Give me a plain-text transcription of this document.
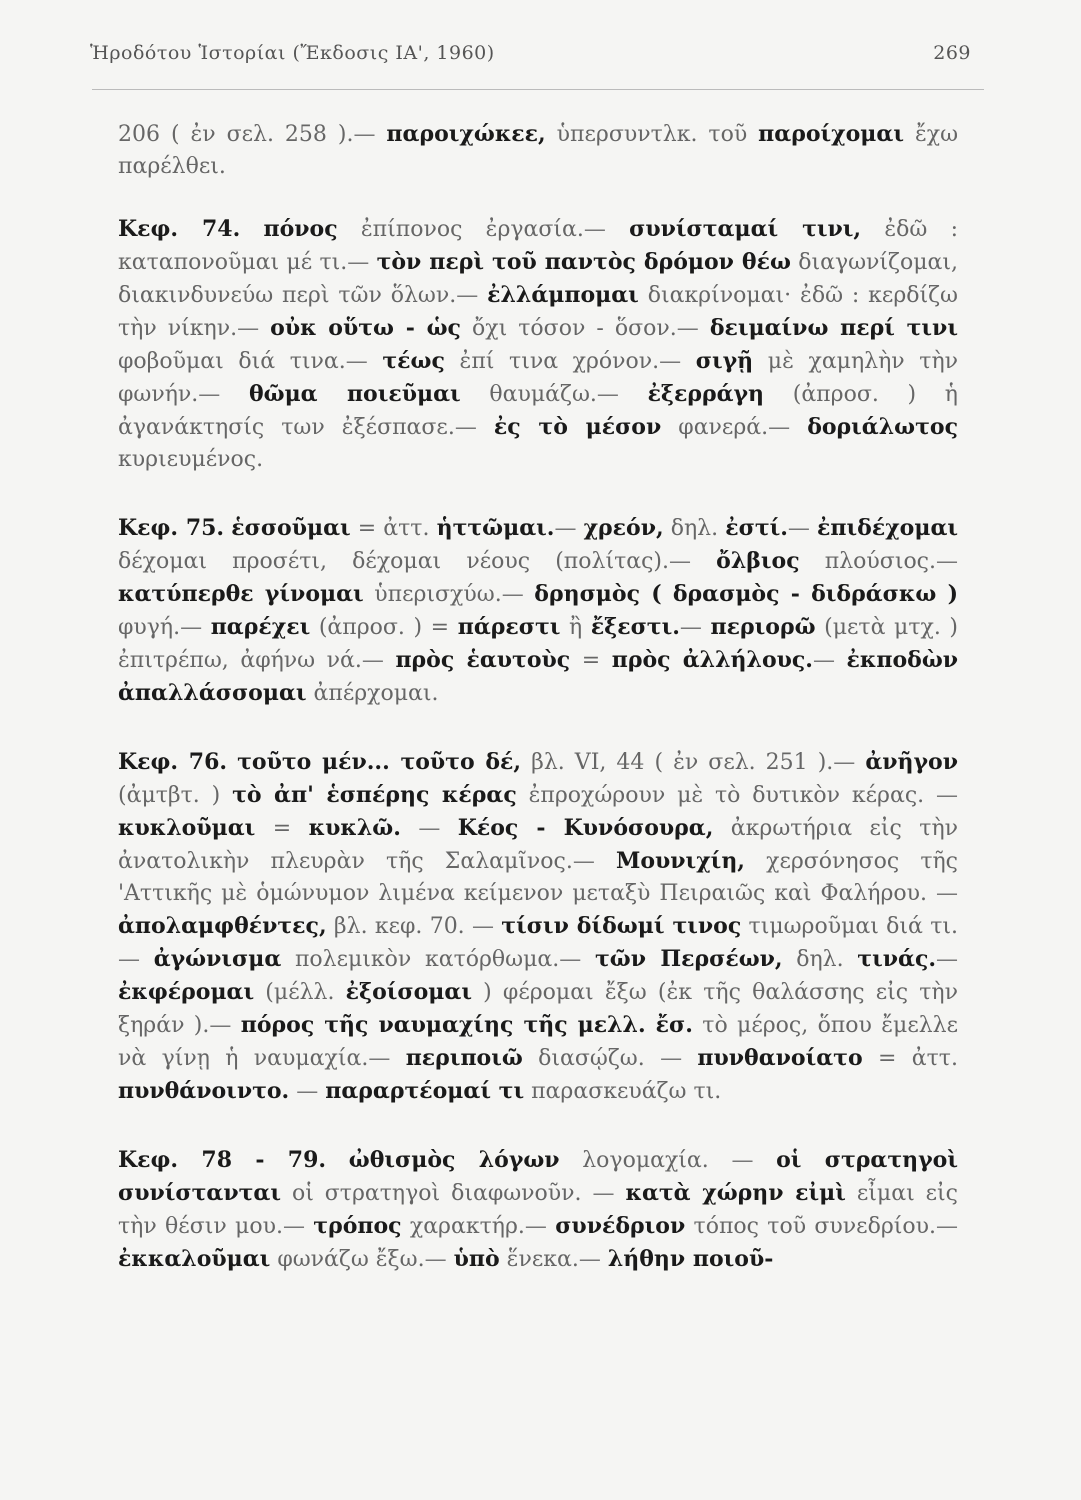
Ἡροδότου Ἱστορίαι (Ἔκδοσις ΙΑ', 1960)	269

206 ( ἐν σελ. 258 ).— παροιχώκεε, ὑπερσυντλκ. τοῦ παροίχομαι ἔχω παρέλθει.

Κεφ. 74. πόνος ἐπίπονος ἐργασία.— συνίσταμαί τινι, ἐδῶ : καταπονοῦμαι μέ τι.— τὸν περὶ τοῦ παντὸς δρόμον θέω διαγωνίζομαι, διακινδυνεύω περὶ τῶν ὅλων.— ἐλλάμπομαι διακρίνομαι· ἐδῶ : κερδίζω τὴν νίκην.— οὐκ οὕτω - ὡς ὄχι τόσον - ὅσον.— δειμαίνω περί τινι φοβοῦμαι διά τινα.— τέως ἐπί τινα χρόνον.— σιγῇ μὲ χαμηλὴν τὴν φωνήν.— θῶμα ποιεῦμαι θαυμάζω.— ἐξερράγη (ἀπροσ. ) ἡ ἀγανάκτησίς των ἐξέσπασε.— ἐς τὸ μέσον φανερά.— δοριάλωτος κυριευμένος.

Κεφ. 75. ἑσσοῦμαι = ἀττ. ἡττῶμαι.— χρεόν, δηλ. ἐστί.— ἐπιδέχομαι δέχομαι προσέτι, δέχομαι νέους (πολίτας).— ὄλβιος πλούσιος.— κατύπερθε γίνομαι ὑπερισχύω.— δρησμὸς ( δρασμὸς - διδράσκω ) φυγή.— παρέχει (ἀπροσ. ) = πάρεστι ἢ ἔξεστι.— περιορῶ (μετὰ μτχ. ) ἐπιτρέπω, ἀφήνω νά.— πρὸς ἑαυτοὺς = πρὸς ἀλλήλους.— ἐκποδὼν ἀπαλλάσσομαι ἀπέρχομαι.

Κεφ. 76. τοῦτο μέν... τοῦτο δέ, βλ. VI, 44 ( ἐν σελ. 251 ).— ἀνῆγον (ἀμτβτ. ) τὸ ἀπ' ἑσπέρης κέρας ἐπροχώρουν μὲ τὸ δυτικὸν κέρας. — κυκλοῦμαι = κυκλῶ. — Κέος - Κυνόσουρα, ἀκρωτήρια εἰς τὴν ἀνατολικὴν πλευρὰν τῆς Σαλαμῖνος.— Μουνιχίη, χερσόνησος τῆς 'Αττικῆς μὲ ὁμώνυμον λιμένα κείμενον μεταξὺ Πειραιῶς καὶ Φαλήρου. — ἀπολαμφθέντες, βλ. κεφ. 70. — τίσιν δίδωμί τινος τιμωροῦμαι διά τι.— ἀγώνισμα πολεμικὸν κατόρθωμα.— τῶν Περσέων, δηλ. τινάς.— ἐκφέρομαι (μέλλ. ἐξοίσομαι ) φέρομαι ἔξω (ἐκ τῆς θαλάσσης εἰς τὴν ξηράν ).— πόρος τῆς ναυμαχίης τῆς μελλ. ἔσ. τὸ μέρος, ὅπου ἔμελλε νὰ γίνῃ ἡ ναυμαχία.— περιποιῶ διασῴζω. — πυνθανοίατο = ἀττ. πυνθάνοιντο. — παραρτέομαί τι παρασκευάζω τι.

Κεφ. 78 - 79. ὠθισμὸς λόγων λογομαχία. — οἱ στρατηγοὶ συνίστανται οἱ στρατηγοὶ διαφωνοῦν. — κατὰ χώρην εἰμὶ εἶμαι εἰς τὴν θέσιν μου.— τρόπος χαρακτήρ.— συνέδριον τόπος τοῦ συνεδρίου.— ἐκκαλοῦμαι φωνάζω ἔξω.— ὑπὸ ἕνεκα.— λήθην ποιοῦ-
